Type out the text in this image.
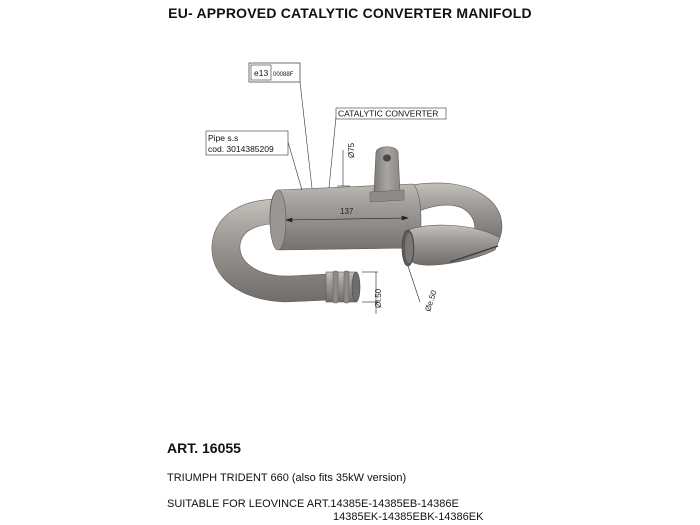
EU- APPROVED CATALYTIC CONVERTER MANIFOLD
e13 00088F
CATALYTIC CONVERTER
Pipe s.s
cod. 3014385209
137
Ø75
Øi.50	Øe.50
ART. 16055
TRIUMPH TRIDENT 660 (also fits 35kW version)
SUITABLE FOR LEOVINCE ART.14385E-14385EB-14386E
14385EK-14385EBK-14386EK
